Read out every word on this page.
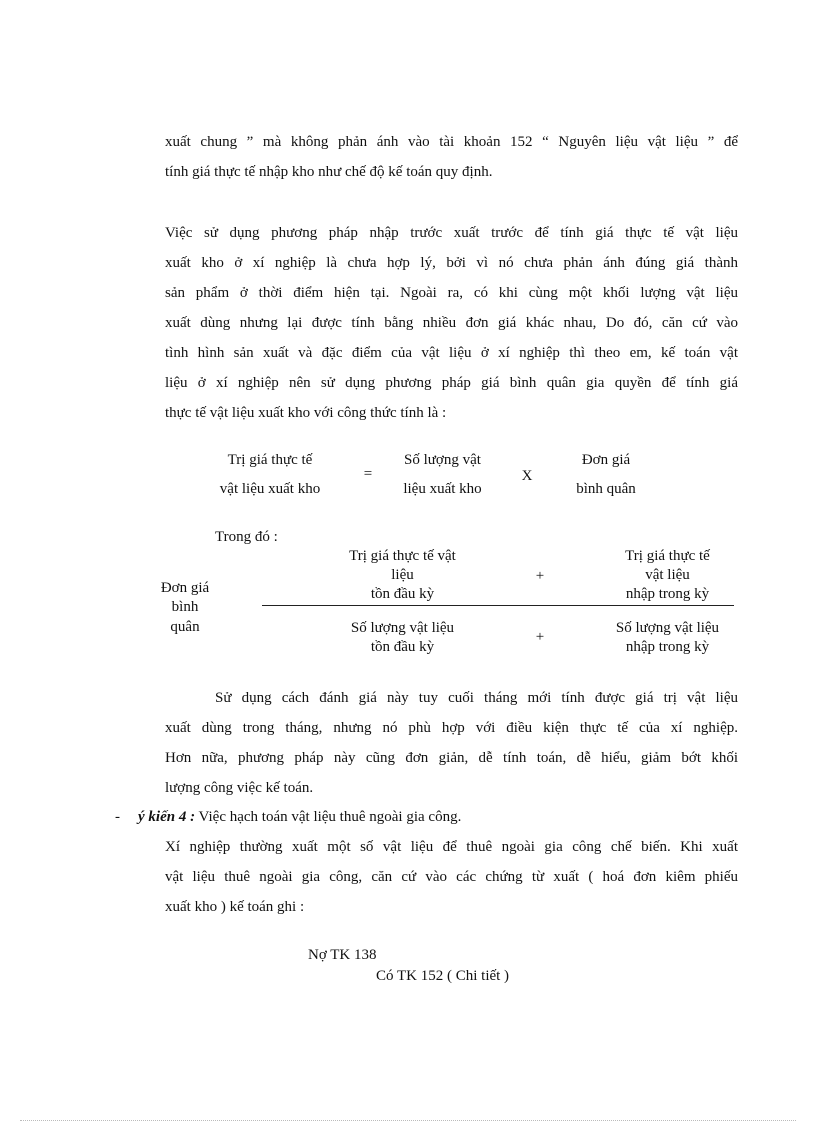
xuất chung ” mà không phản ánh vào tài khoản 152 “ Nguyên liệu vật liệu ” để
tính giá thực tế nhập kho như chế độ kế toán quy định.
Việc sử dụng phương pháp nhập trước xuất trước để tính giá thực tế vật liệu
xuất kho ở xí nghiệp là chưa hợp lý, bởi vì nó chưa phản ánh đúng giá thành
sản phẩm ở thời điểm hiện tại. Ngoài ra, có khi cùng một khối lượng vật liệu
xuất dùng nhưng lại được tính bằng nhiều đơn giá khác nhau, Do đó, căn cứ vào
tình hình sản xuất và đặc điểm của vật liệu ở xí nghiệp thì theo em, kế toán vật
liệu ở xí nghiệp nên sử dụng phương pháp giá bình quân gia quyền để tính giá
thực tế vật liệu xuất kho với công thức tính là :

Trị giá thực tế

vật liệu xuất kho

=

Số lượng vật

liệu xuất kho

X

Đơn giá

bình quân

Trong đó :

Đơn giá

bình

quân

Trị giá thực tế vật

liệu

tồn đầu kỳ

+

Trị giá thực tế

vật liệu

nhập trong kỳ

Số lượng vật liệu

tồn đầu kỳ

+

Số lượng vật liệu

nhập trong kỳ

Sử dụng cách đánh giá này tuy cuối tháng mới tính được giá trị vật liệu
xuất dùng trong tháng, nhưng nó phù hợp với điều kiện thực tế của xí nghiệp.
Hơn nữa, phương pháp này cũng đơn giản, dễ tính toán, dễ hiểu, giảm bớt khối
lượng công việc kế toán.

- ý kiến 4 : Việc hạch toán vật liệu thuê ngoài gia công.

Xí nghiệp thường xuất một số vật liệu để thuê ngoài gia công chế biến. Khi xuất
vật liệu thuê ngoài gia công, căn cứ vào các chứng từ xuất ( hoá đơn kiêm phiếu
xuất kho ) kế toán ghi :

Nợ TK 138

Có TK 152 ( Chi tiết )
